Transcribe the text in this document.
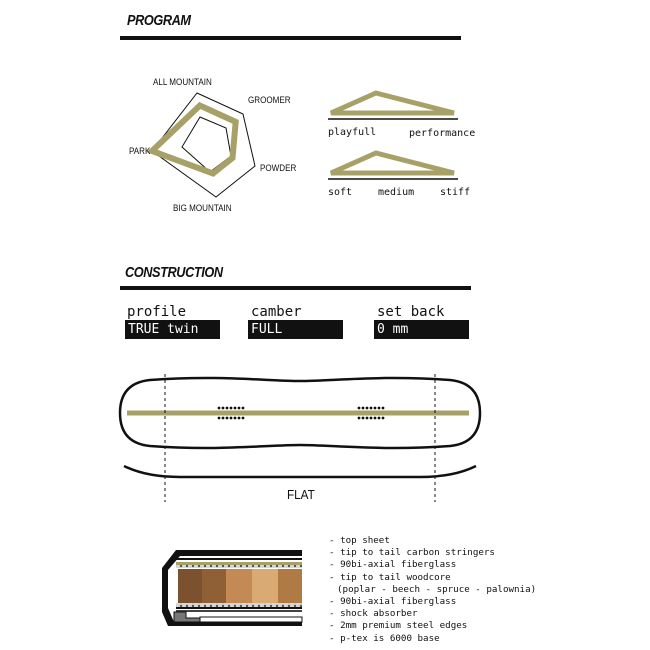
PROGRAM
ALL MOUNTAIN
GROOMER
POWDER
BIG MOUNTAIN
PARK
playfull	performance
soft	medium	stiff
CONSTRUCTION
profile
TRUE twin
camber
FULL
set back
0 mm
FLAT
- top sheet
- tip to tail carbon stringers
- 90bi-axial fiberglass
- tip to tail woodcore
(poplar - beech - spruce - palownia)
- 90bi-axial fiberglass
- shock absorber
- 2mm premium steel edges
- p-tex is 6000 base
